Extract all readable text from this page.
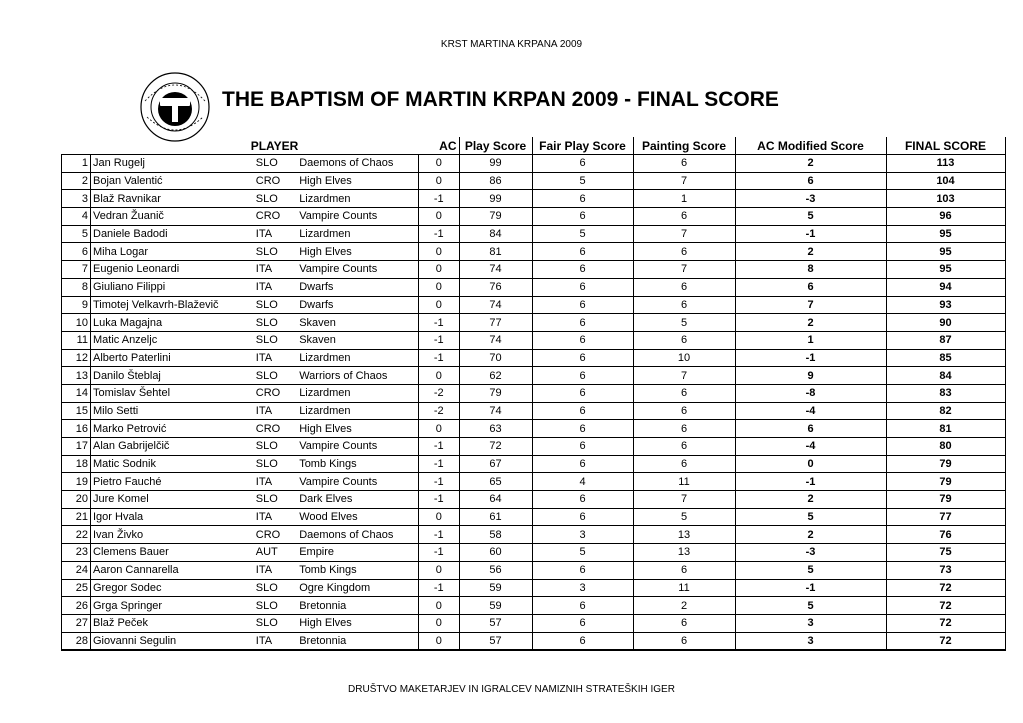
KRST MARTINA KRPANA 2009
THE BAPTISM OF MARTIN KRPAN 2009 - FINAL SCORE
	PLAYER			AC	Play Score	Fair Play Score	Painting Score	AC Modified Score	FINAL SCORE
1	Jan Rugelj	SLO	Daemons of Chaos	0	99	6	6	2	113
2	Bojan Valentić	CRO	High Elves	0	86	5	7	6	104
3	Blaž Ravnikar	SLO	Lizardmen	-1	99	6	1	-3	103
4	Vedran Žuanič	CRO	Vampire Counts	0	79	6	6	5	96
5	Daniele Badodi	ITA	Lizardmen	-1	84	5	7	-1	95
6	Miha Logar	SLO	High Elves	0	81	6	6	2	95
7	Eugenio Leonardi	ITA	Vampire Counts	0	74	6	7	8	95
8	Giuliano Filippi	ITA	Dwarfs	0	76	6	6	6	94
9	Timotej Velkavrh-Blaževič	SLO	Dwarfs	0	74	6	6	7	93
10	Luka Magajna	SLO	Skaven	-1	77	6	5	2	90
11	Matic Anzeljc	SLO	Skaven	-1	74	6	6	1	87
12	Alberto Paterlini	ITA	Lizardmen	-1	70	6	10	-1	85
13	Danilo Šteblaj	SLO	Warriors of Chaos	0	62	6	7	9	84
14	Tomislav Šehtel	CRO	Lizardmen	-2	79	6	6	-8	83
15	Milo Setti	ITA	Lizardmen	-2	74	6	6	-4	82
16	Marko Petrović	CRO	High Elves	0	63	6	6	6	81
17	Alan Gabrijelčič	SLO	Vampire Counts	-1	72	6	6	-4	80
18	Matic Sodnik	SLO	Tomb Kings	-1	67	6	6	0	79
19	Pietro Fauché	ITA	Vampire Counts	-1	65	4	11	-1	79
20	Jure Komel	SLO	Dark Elves	-1	64	6	7	2	79
21	Igor Hvala	ITA	Wood Elves	0	61	6	5	5	77
22	Ivan Živko	CRO	Daemons of Chaos	-1	58	3	13	2	76
23	Clemens Bauer	AUT	Empire	-1	60	5	13	-3	75
24	Aaron Cannarella	ITA	Tomb Kings	0	56	6	6	5	73
25	Gregor Sodec	SLO	Ogre Kingdom	-1	59	3	11	-1	72
26	Grga Springer	SLO	Bretonnia	0	59	6	2	5	72
27	Blaž Peček	SLO	High Elves	0	57	6	6	3	72
28	Giovanni Segulin	ITA	Bretonnia	0	57	6	6	3	72
DRUŠTVO MAKETARJEV IN IGRALCEV NAMIZNIH STRATEŠKIH IGER
